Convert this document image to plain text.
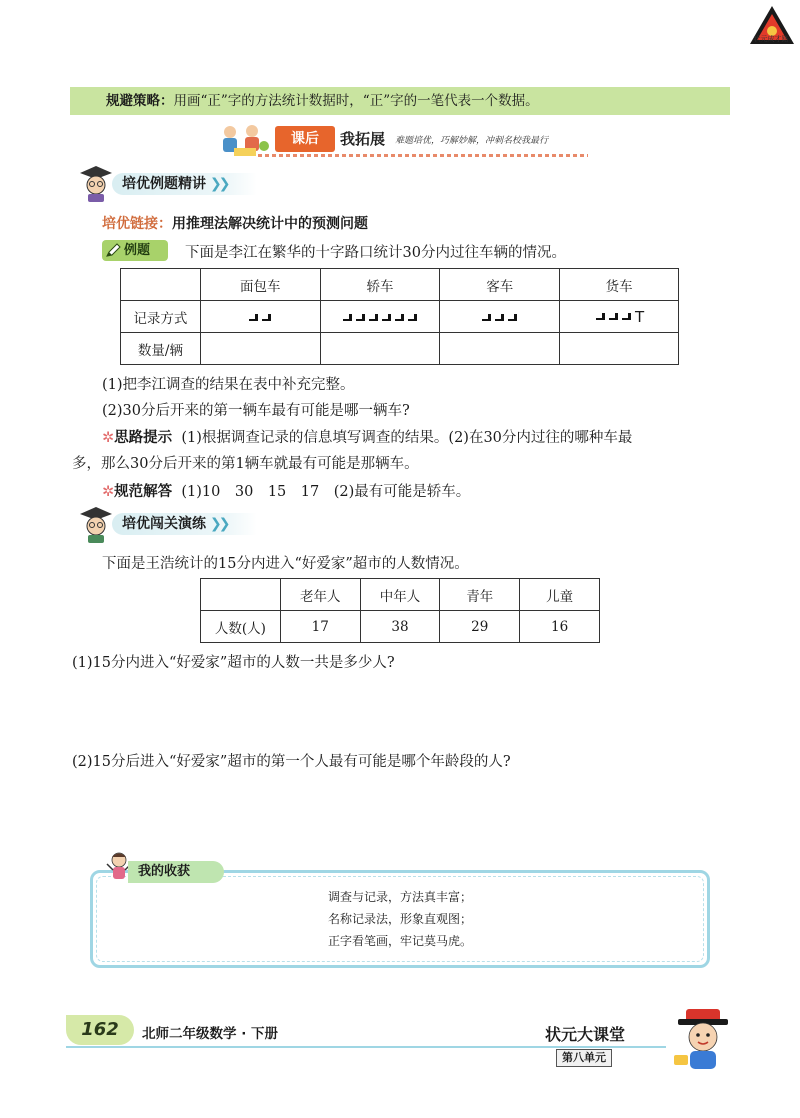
状元成才路
规避策略：用画“正”字的方法统计数据时，“正”字的一笔代表一个数据。
课后	我拓展 难题培优，巧解妙解，冲刺名校我最行
培优例题精讲 ❯❯
培优链接：用推理法解决统计中的预测问题
例题	下面是李江在繁华的十字路口统计30分内过往车辆的情况。
	面包车	轿车	客车	货车
记录方式				T
数量/辆				
(1)把李江调查的结果在表中补充完整。
(2)30分后开来的第一辆车最有可能是哪一辆车?
✲思路提示 (1)根据调查记录的信息填写调查的结果。(2)在30分内过往的哪种车最
多，那么30分后开来的第1辆车就最有可能是那辆车。
✲规范解答 (1)10　30　15　17　(2)最有可能是轿车。
培优闯关演练 ❯❯
下面是王浩统计的15分内进入“好爱家”超市的人数情况。
	老年人	中年人	青年	儿童
人数(人)	17	38	29	16
(1)15分内进入“好爱家”超市的人数一共是多少人?
(2)15分后进入“好爱家”超市的第一个人最有可能是哪个年龄段的人?
我的收获
调查与记录，方法真丰富；
名称记录法，形象直观图；
正字看笔画，牢记莫马虎。
162	北师二年级数学 · 下册	状元大课堂
第八单元
